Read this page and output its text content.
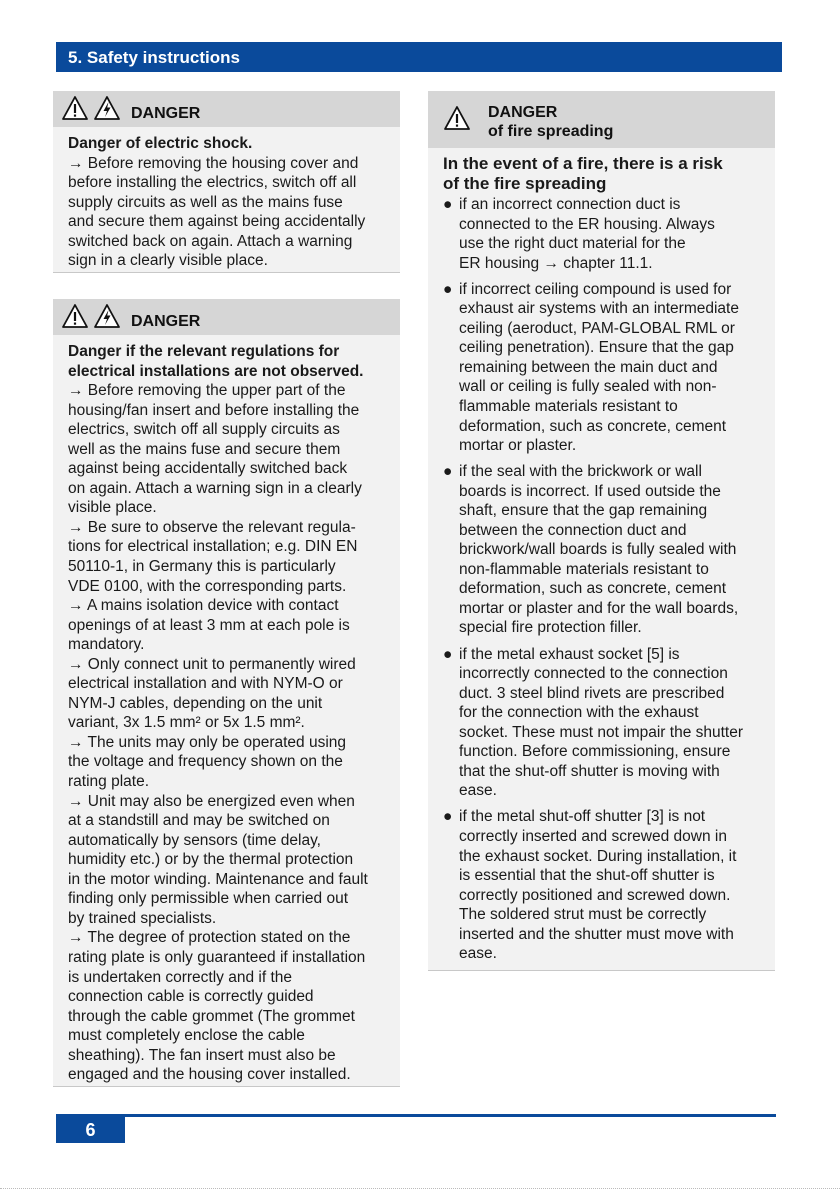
5. Safety instructions
DANGER
Danger of electric shock.
→ Before removing the housing cover and
before installing the electrics, switch off all
supply circuits as well as the mains fuse
and secure them against being accidentally
switched back on again. Attach a warning
sign in a clearly visible place.
DANGER
Danger if the relevant regulations for
electrical installations are not observed.
→ Before removing the upper part of the
housing/fan insert and before installing the
electrics, switch off all supply circuits as
well as the mains fuse and secure them
against being accidentally switched back
on again. Attach a warning sign in a clearly
visible place.
→ Be sure to observe the relevant regula-
tions for electrical installation; e.g. DIN EN
50110-1, in Germany this is particularly
VDE 0100, with the corresponding parts.
→ A mains isolation device with contact
openings of at least 3 mm at each pole is
mandatory.
→ Only connect unit to permanently wired
electrical installation and with NYM-O or
NYM-J cables, depending on the unit
variant, 3x 1.5 mm² or 5x 1.5 mm².
→ The units may only be operated using
the voltage and frequency shown on the
rating plate.
→ Unit may also be energized even when
at a standstill and may be switched on
automatically by sensors (time delay,
humidity etc.) or by the thermal protection
in the motor winding. Maintenance and fault
finding only permissible when carried out
by trained specialists.
→ The degree of protection stated on the
rating plate is only guaranteed if installation
is undertaken correctly and if the
connection cable is correctly guided
through the cable grommet (The grommet
must completely enclose the cable
sheathing). The fan insert must also be
engaged and the housing cover installed.
DANGER
of fire spreading
In the event of a fire, there is a risk
of the fire spreading
● if an incorrect connection duct is
connected to the ER housing. Always
use the right duct material for the
ER housing → chapter 11.1.
● if incorrect ceiling compound is used for
exhaust air systems with an intermediate
ceiling (aeroduct, PAM-GLOBAL RML or
ceiling penetration). Ensure that the gap
remaining between the main duct and
wall or ceiling is fully sealed with non-
flammable materials resistant to
deformation, such as concrete, cement
mortar or plaster.
● if the seal with the brickwork or wall
boards is incorrect. If used outside the
shaft, ensure that the gap remaining
between the connection duct and
brickwork/wall boards is fully sealed with
non-flammable materials resistant to
deformation, such as concrete, cement
mortar or plaster and for the wall boards,
special fire protection filler.
● if the metal exhaust socket [5] is
incorrectly connected to the connection
duct. 3 steel blind rivets are prescribed
for the connection with the exhaust
socket. These must not impair the shutter
function. Before commissioning, ensure
that the shut-off shutter is moving with
ease.
● if the metal shut-off shutter [3] is not
correctly inserted and screwed down in
the exhaust socket. During installation, it
is essential that the shut-off shutter is
correctly positioned and screwed down.
The soldered strut must be correctly
inserted and the shutter must move with
ease.
6
